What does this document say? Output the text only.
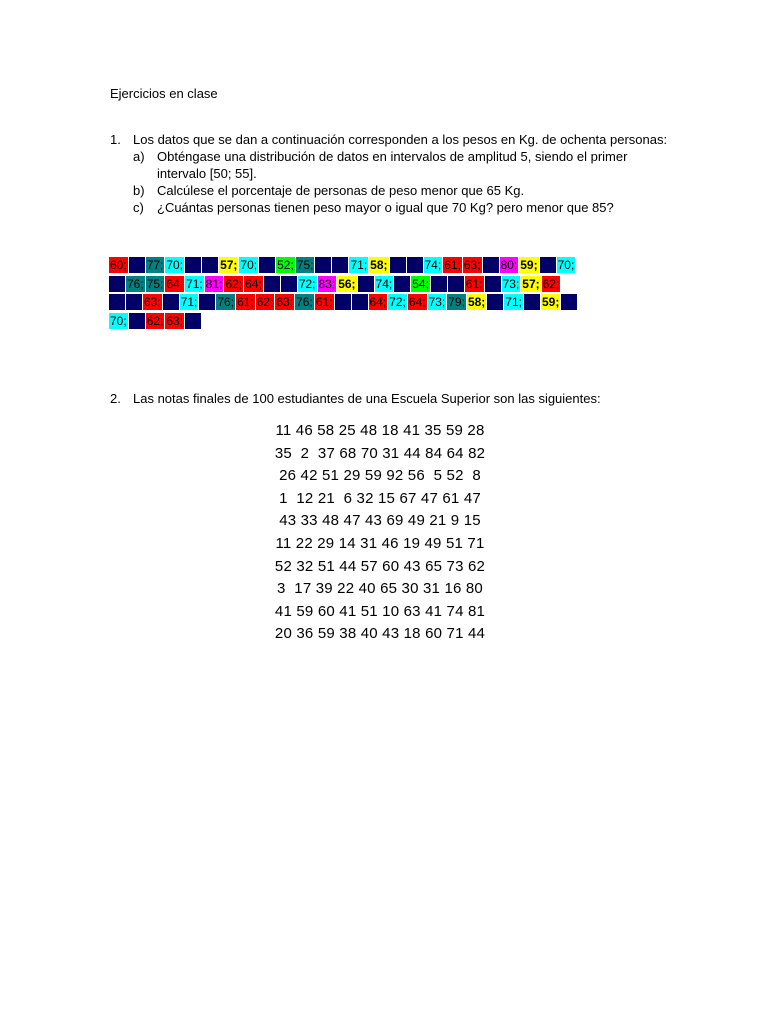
Ejercicios en clase
1. Los datos que se dan a continuación corresponden a los pesos en Kg. de ochenta personas:
a) Obténgase una distribución de datos en intervalos de amplitud 5, siendo el primer intervalo [50; 55].
b) Calcúlese el porcentaje de personas de peso menor que 65 Kg.
c)	¿Cuántas personas tienen peso mayor o igual que 70 Kg? pero menor que 85?
60; 77; 70;	57; 70; 52; 75;	71; 58;	74; 61; 63; 80; 59; 70;
76; 75; 64; 71; 81; 62; 64;	72; 83; 56; 74; 54;	61; 73; 57; 62;
63; 71; 76; 61; 62; 63; 76; 61;	64; 72; 64; 73; 79; 58; 71; 59;
70; 62; 63;
2. Las notas finales de 100 estudiantes de una Escuela Superior son las siguientes:
11 46 58 25 48 18 41 35 59 28
35  2  37 68 70 31 44 84 64 82
26 42 51 29 59 92 56  5 52  8
1  12 21  6 32 15 67 47 61 47
43 33 48 47 43 69 49 21 9 15
11 22 29 14 31 46 19 49 51 71
52 32 51 44 57 60 43 65 73 62
3  17 39 22 40 65 30 31 16 80
41 59 60 41 51 10 63 41 74 81
20 36 59 38 40 43 18 60 71 44
